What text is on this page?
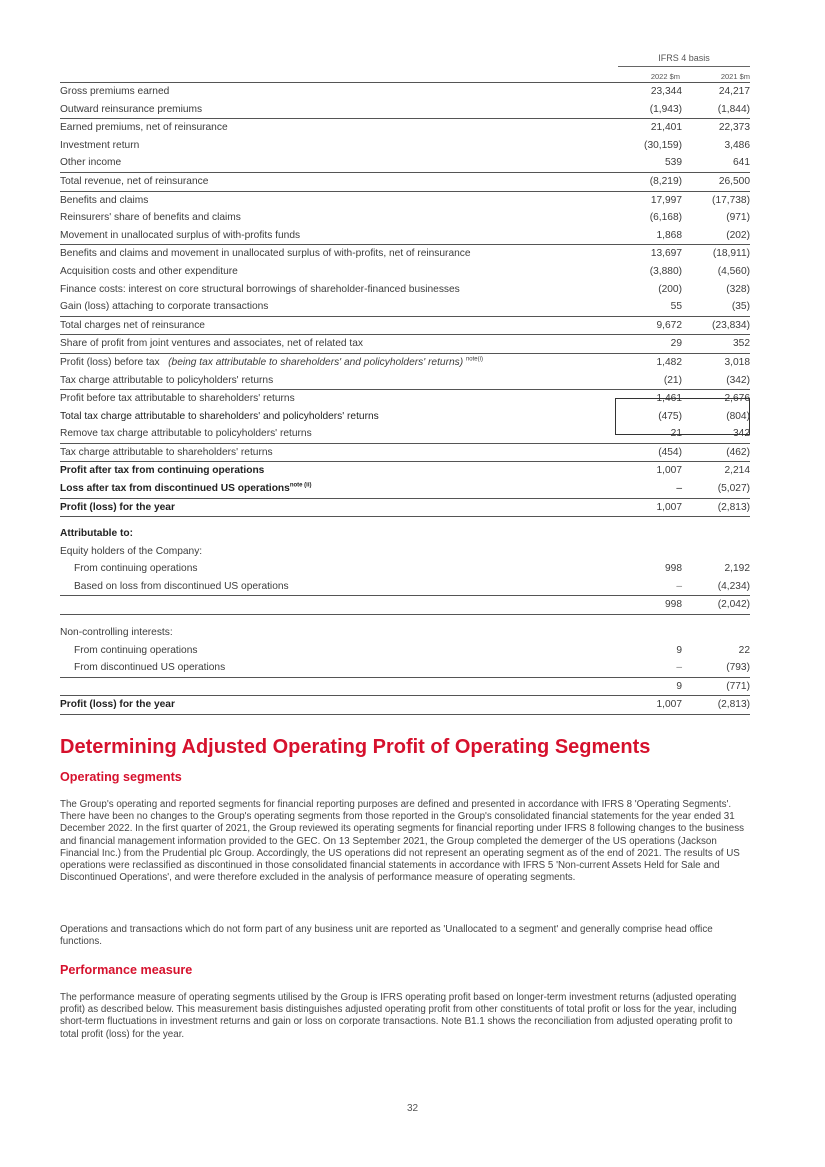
IFRS 4 basis
2022 $m	2021 $m
Gross premiums earned	23,344	24,217
Outward reinsurance premiums	(1,943)	(1,844)
Earned premiums, net of reinsurance	21,401	22,373
Investment return	(30,159)	3,486
Other income	539	641
Total revenue, net of reinsurance	(8,219)	26,500
Benefits and claims	17,997	(17,738)
Reinsurers' share of benefits and claims	(6,168)	(971)
Movement in unallocated surplus of with-profits funds	1,868	(202)
Benefits and claims and movement in unallocated surplus of with-profits, net of reinsurance	13,697	(18,911)
Acquisition costs and other expenditure	(3,880)	(4,560)
Finance costs: interest on core structural borrowings of shareholder-financed businesses	(200)	(328)
Gain (loss) attaching to corporate transactions	55	(35)
Total charges net of reinsurance	9,672	(23,834)
Share of profit from joint ventures and associates, net of related tax	29	352
Profit (loss) before tax (being tax attributable to shareholders' and policyholders' returns) $^{note(i)}$	1,482	3,018
Tax charge attributable to policyholders' returns	(21)	(342)
Profit before tax attributable to shareholders' returns	1,461	2,676
Total tax charge attributable to shareholders' and policyholders' returns	(475)	(804)
Remove tax charge attributable to policyholders' returns	21	342
Tax charge attributable to shareholders' returns	(454)	(462)
Profit after tax from continuing operations	1,007	2,214
Loss after tax from discontinued US operations$^{note (ii)}$	–	(5,027)
Profit (loss) for the year	1,007	(2,813)
Attributable to:
Equity holders of the Company:
From continuing operations	998	2,192
Based on loss from discontinued US operations	–	(4,234)
998	(2,042)
Non-controlling interests:
From continuing operations	9	22
From discontinued US operations	–	(793)
9	(771)
Profit (loss) for the year	1,007	(2,813)
Determining Adjusted Operating Profit of Operating Segments
Operating segments

The Group's operating and reported segments for financial reporting purposes are defined and presented in accordance with IFRS 8 'Operating Segments'. There have been no changes to the Group's operating segments from those reported in the Group's consolidated financial statements for the year ended 31 December 2022. In the first quarter of 2021, the Group reviewed its operating segments for financial reporting under IFRS 8 following changes to the business and financial management information provided to the GEC. On 13 September 2021, the Group completed the demerger of the US operations (Jackson Financial Inc.) from the Prudential plc Group. Accordingly, the US operations did not represent an operating segment as of the end of 2021. The results of US operations were reclassified as discontinued in those consolidated financial statements in accordance with IFRS 5 'Non-current Assets Held for Sale and Discontinued Operations', and were therefore excluded in the analysis of performance measure of operating segments.

Operations and transactions which do not form part of any business unit are reported as 'Unallocated to a segment' and generally comprise head office functions.

Performance measure

The performance measure of operating segments utilised by the Group is IFRS operating profit based on longer-term investment returns (adjusted operating profit) as described below. This measurement basis distinguishes adjusted operating profit from other constituents of total profit or loss for the year, including short-term fluctuations in investment returns and gain or loss on corporate transactions. Note B1.1 shows the reconciliation from adjusted operating profit to total profit (loss) for the year.

32
